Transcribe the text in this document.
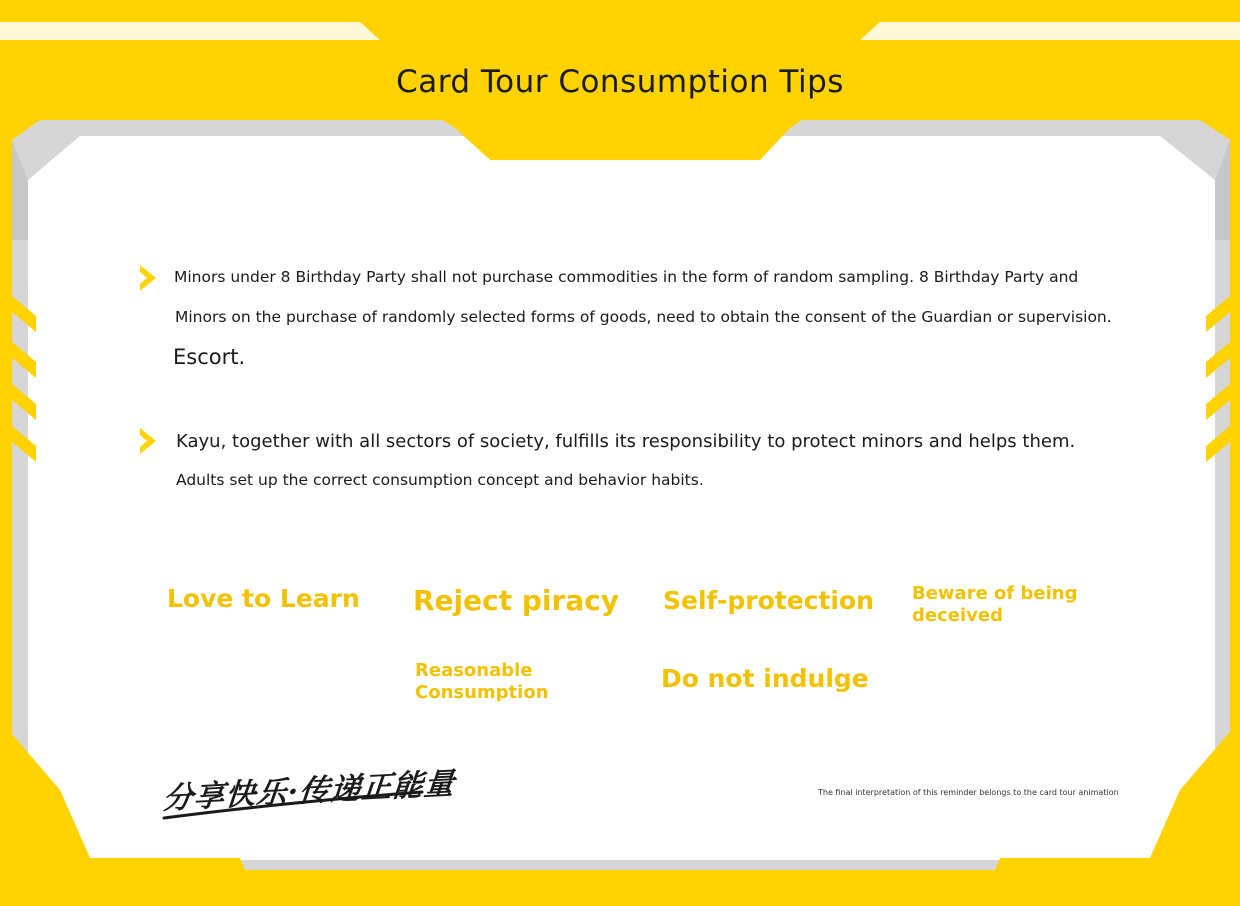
Card Tour Consumption Tips
Minors under 8 Birthday Party shall not purchase commodities in the form of random sampling. 8 Birthday Party and
Minors on the purchase of randomly selected forms of goods, need to obtain the consent of the Guardian or supervision.
Escort.
Kayu, together with all sectors of society, fulfills its responsibility to protect minors and helps them.
Adults set up the correct consumption concept and behavior habits.
Love to Learn Reject piracy Self-protection Beware of being deceived
Reasonable Consumption	Do not indulge
分享快乐·传递正能量	The final interpretation of this reminder belongs to the card tour animation
